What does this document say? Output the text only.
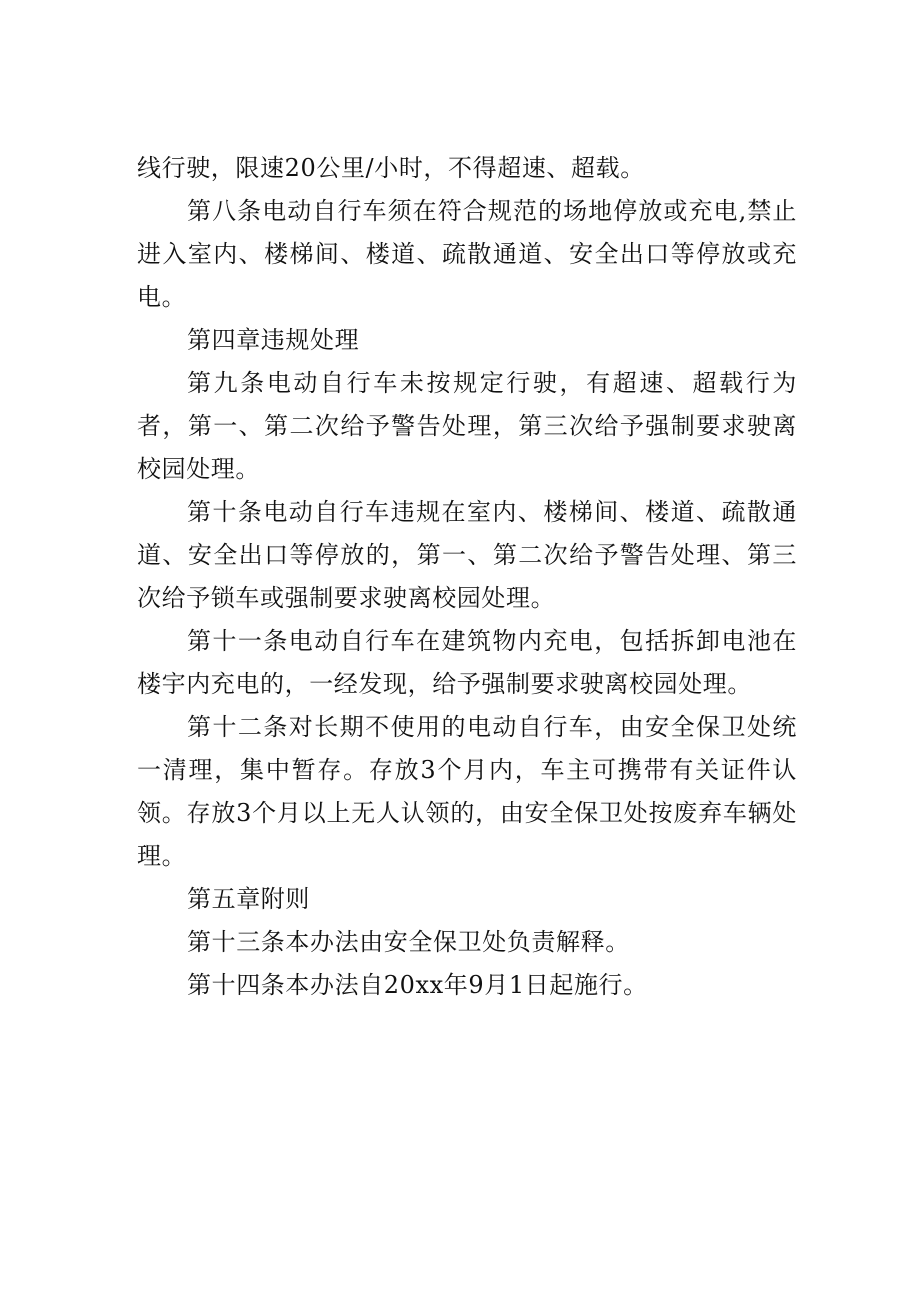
线行驶，限速20公里/小时，不得超速、超载。

第八条电动自行车须在符合规范的场地停放或充电,禁止进入室内、楼梯间、楼道、疏散通道、安全出口等停放或充电。

第四章违规处理

第九条电动自行车未按规定行驶，有超速、超载行为者，第一、第二次给予警告处理，第三次给予强制要求驶离校园处理。

第十条电动自行车违规在室内、楼梯间、楼道、疏散通道、安全出口等停放的，第一、第二次给予警告处理、第三次给予锁车或强制要求驶离校园处理。

第十一条电动自行车在建筑物内充电，包括拆卸电池在楼宇内充电的，一经发现，给予强制要求驶离校园处理。

第十二条对长期不使用的电动自行车，由安全保卫处统一清理，集中暂存。存放3个月内，车主可携带有关证件认领。存放3个月以上无人认领的，由安全保卫处按废弃车辆处理。

第五章附则

第十三条本办法由安全保卫处负责解释。

第十四条本办法自20xx年9月1日起施行。
